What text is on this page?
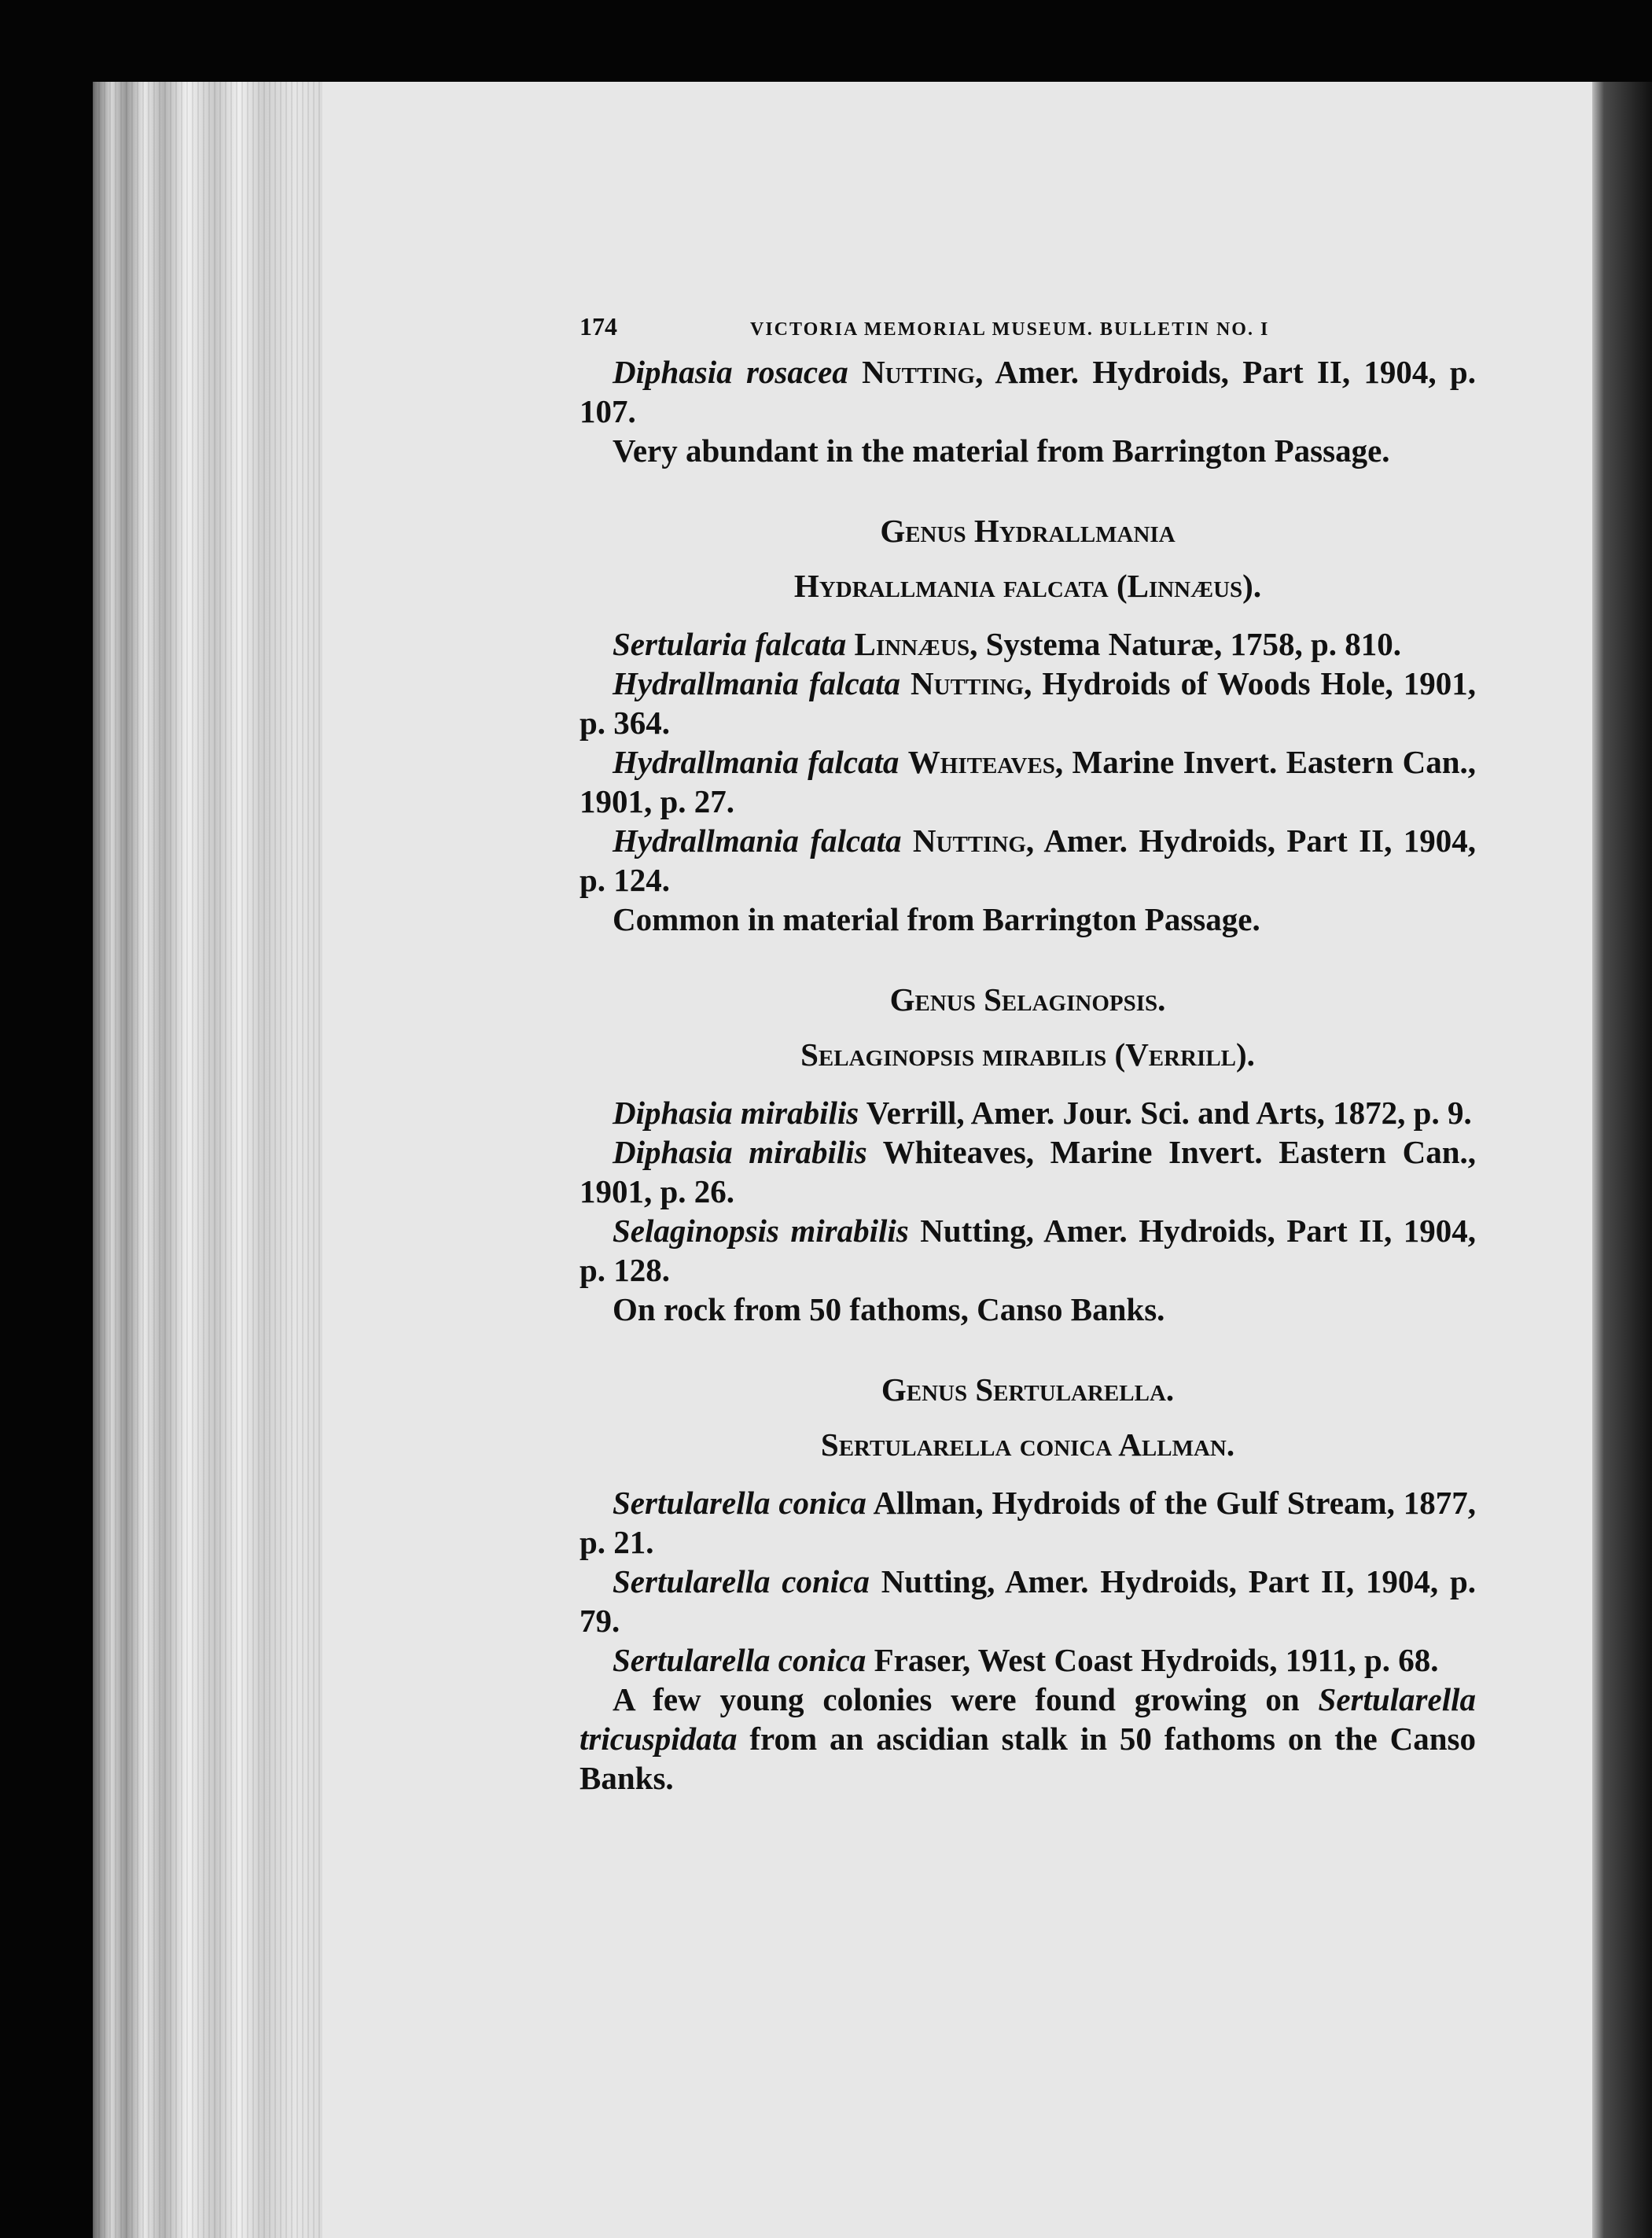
174	VICTORIA MEMORIAL MUSEUM. BULLETIN NO. I

Diphasia rosacea Nutting, Amer. Hydroids, Part II, 1904, p. 107.

Very abundant in the material from Barrington Passage.

Genus Hydrallmania

Hydrallmania falcata (Linnæus).

Sertularia falcata Linnæus, Systema Naturæ, 1758, p. 810.

Hydrallmania falcata Nutting, Hydroids of Woods Hole, 1901, p. 364.

Hydrallmania falcata Whiteaves, Marine Invert. Eastern Can., 1901, p. 27.

Hydrallmania falcata Nutting, Amer. Hydroids, Part II, 1904, p. 124.

Common in material from Barrington Passage.

Genus Selaginopsis.

Selaginopsis mirabilis (Verrill).

Diphasia mirabilis Verrill, Amer. Jour. Sci. and Arts, 1872, p. 9.

Diphasia mirabilis Whiteaves, Marine Invert. Eastern Can., 1901, p. 26.

Selaginopsis mirabilis Nutting, Amer. Hydroids, Part II, 1904, p. 128.

On rock from 50 fathoms, Canso Banks.

Genus Sertularella.

Sertularella conica Allman.

Sertularella conica Allman, Hydroids of the Gulf Stream, 1877, p. 21.

Sertularella conica Nutting, Amer. Hydroids, Part II, 1904, p. 79.

Sertularella conica Fraser, West Coast Hydroids, 1911, p. 68.

A few young colonies were found growing on Sertularella tricuspidata from an ascidian stalk in 50 fathoms on the Canso Banks.
